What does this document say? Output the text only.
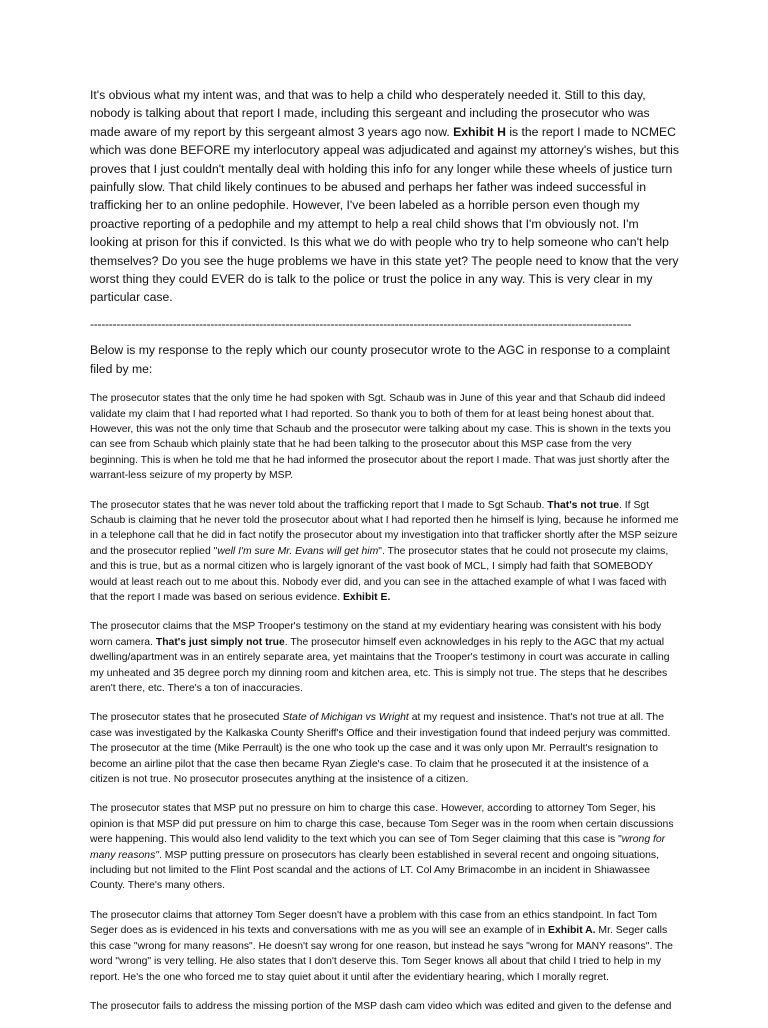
It's obvious what my intent was, and that was to help a child who desperately needed it. Still to this day, nobody is talking about that report I made, including this sergeant and including the prosecutor who was made aware of my report by this sergeant almost 3 years ago now. Exhibit H is the report I made to NCMEC which was done BEFORE my interlocutory appeal was adjudicated and against my attorney's wishes, but this proves that I just couldn't mentally deal with holding this info for any longer while these wheels of justice turn painfully slow. That child likely continues to be abused and perhaps her father was indeed successful in trafficking her to an online pedophile. However, I've been labeled as a horrible person even though my proactive reporting of a pedophile and my attempt to help a real child shows that I'm obviously not. I'm looking at prison for this if convicted. Is this what we do with people who try to help someone who can't help themselves? Do you see the huge problems we have in this state yet? The people need to know that the very worst thing they could EVER do is talk to the police or trust the police in any way. This is very clear in my particular case.

------------------------------------------------------------------------------------------------------------------------------------------------

Below is my response to the reply which our county prosecutor wrote to the AGC in response to a complaint filed by me:

The prosecutor states that the only time he had spoken with Sgt. Schaub was in June of this year and that Schaub did indeed validate my claim that I had reported what I had reported. So thank you to both of them for at least being honest about that. However, this was not the only time that Schaub and the prosecutor were talking about my case. This is shown in the texts you can see from Schaub which plainly state that he had been talking to the prosecutor about this MSP case from the very beginning. This is when he told me that he had informed the prosecutor about the report I made. That was just shortly after the warrant-less seizure of my property by MSP.

The prosecutor states that he was never told about the trafficking report that I made to Sgt Schaub. That's not true. If Sgt Schaub is claiming that he never told the prosecutor about what I had reported then he himself is lying, because he informed me in a telephone call that he did in fact notify the prosecutor about my investigation into that trafficker shortly after the MSP seizure and the prosecutor replied "well I'm sure Mr. Evans will get him". The prosecutor states that he could not prosecute my claims, and this is true, but as a normal citizen who is largely ignorant of the vast book of MCL, I simply had faith that SOMEBODY would at least reach out to me about this. Nobody ever did, and you can see in the attached example of what I was faced with that the report I made was based on serious evidence. Exhibit E.

The prosecutor claims that the MSP Trooper's testimony on the stand at my evidentiary hearing was consistent with his body worn camera. That's just simply not true. The prosecutor himself even acknowledges in his reply to the AGC that my actual dwelling/apartment was in an entirely separate area, yet maintains that the Trooper's testimony in court was accurate in calling my unheated and 35 degree porch my dinning room and kitchen area, etc. This is simply not true. The steps that he describes aren't there, etc. There's a ton of inaccuracies.

The prosecutor states that he prosecuted State of Michigan vs Wright at my request and insistence. That's not true at all. The case was investigated by the Kalkaska County Sheriff's Office and their investigation found that indeed perjury was committed. The prosecutor at the time (Mike Perrault) is the one who took up the case and it was only upon Mr. Perrault's resignation to become an airline pilot that the case then became Ryan Ziegle's case. To claim that he prosecuted it at the insistence of a citizen is not true. No prosecutor prosecutes anything at the insistence of a citizen.

The prosecutor states that MSP put no pressure on him to charge this case. However, according to attorney Tom Seger, his opinion is that MSP did put pressure on him to charge this case, because Tom Seger was in the room when certain discussions were happening. This would also lend validity to the text which you can see of Tom Seger claiming that this case is "wrong for many reasons". MSP putting pressure on prosecutors has clearly been established in several recent and ongoing situations, including but not limited to the Flint Post scandal and the actions of LT. Col Amy Brimacombe in an incident in Shiawassee County. There's many others.

The prosecutor claims that attorney Tom Seger doesn't have a problem with this case from an ethics standpoint. In fact Tom Seger does as is evidenced in his texts and conversations with me as you will see an example of in Exhibit A. Mr. Seger calls this case "wrong for many reasons". He doesn't say wrong for one reason, but instead he says "wrong for MANY reasons". The word "wrong" is very telling. He also states that I don't deserve this. Tom Seger knows all about that child I tried to help in my report. He's the one who forced me to stay quiet about it until after the evidentiary hearing, which I morally regret.

The prosecutor fails to address the missing portion of the MSP dash cam video which was edited and given to the defense and
